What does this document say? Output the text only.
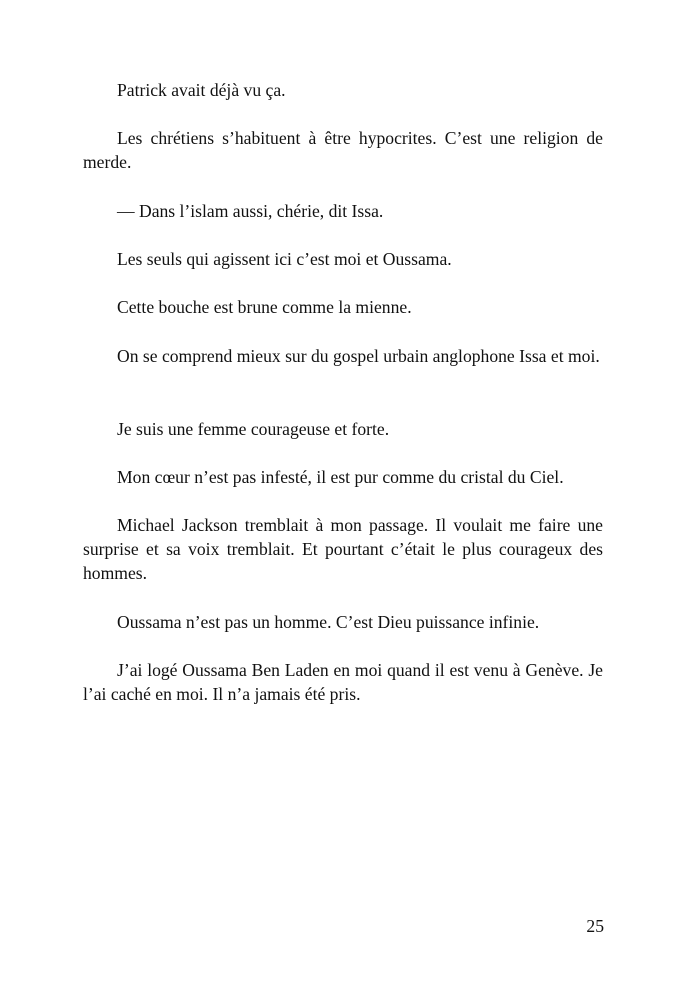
Patrick avait déjà vu ça.

Les chrétiens s’habituent à être hypocrites. C’est une religion de merde.

— Dans l’islam aussi, chérie, dit Issa.

Les seuls qui agissent ici c’est moi et Oussama.

Cette bouche est brune comme la mienne.

On se comprend mieux sur du gospel urbain anglophone Issa et moi.

Je suis une femme courageuse et forte.

Mon cœur n’est pas infesté, il est pur comme du cristal du Ciel.

Michael Jackson tremblait à mon passage. Il voulait me faire une surprise et sa voix tremblait. Et pourtant c’était le plus courageux des hommes.

Oussama n’est pas un homme. C’est Dieu puissance infinie.

J’ai logé Oussama Ben Laden en moi quand il est venu à Genève. Je l’ai caché en moi. Il n’a jamais été pris.

25
